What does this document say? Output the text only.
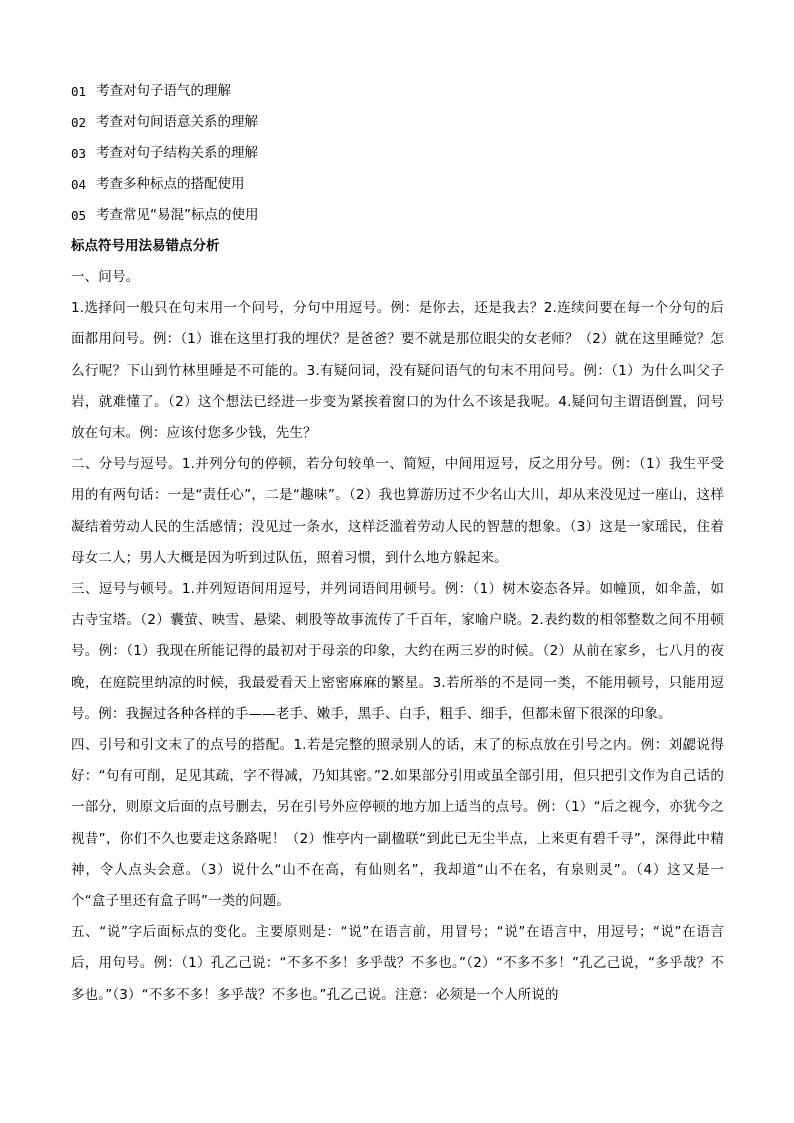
01 考查对句子语气的理解
02 考查对句间语意关系的理解
03 考查对句子结构关系的理解
04 考查多种标点的搭配使用
05 考查常见“易混”标点的使用
标点符号用法易错点分析

一、问号。

1.选择问一般只在句末用一个问号，分句中用逗号。例：是你去，还是我去？2.连续问要在每一个分句的后面都用问号。例：（1）谁在这里打我的埋伏？是爸爸？要不就是那位眼尖的女老师？（2）就在这里睡觉？怎么行呢？下山到竹林里睡是不可能的。3.有疑问词，没有疑问语气的句末不用问号。例：（1）为什么叫父子岩，就难懂了。（2）这个想法已经进一步变为紧挨着窗口的为什么不该是我呢。4.疑问句主谓语倒置，问号放在句末。例：应该付您多少钱，先生？

二、分号与逗号。1.并列分句的停顿，若分句较单一、简短，中间用逗号，反之用分号。例：（1）我生平受用的有两句话：一是“责任心”，二是“趣味”。（2）我也算游历过不少名山大川，却从来没见过一座山，这样凝结着劳动人民的生活感情；没见过一条水，这样泛滥着劳动人民的智慧的想象。（3）这是一家瑶民，住着母女二人；男人大概是因为听到过队伍，照着习惯，到什么地方躲起来。

三、逗号与顿号。1.并列短语间用逗号，并列词语间用顿号。例：（1）树木姿态各异。如幢顶，如伞盖，如古寺宝塔。（2）囊萤、映雪、悬梁、刺股等故事流传了千百年，家喻户晓。2.表约数的相邻整数之间不用顿号。例：（1）我现在所能记得的最初对于母亲的印象，大约在两三岁的时候。（2）从前在家乡，七八月的夜晚，在庭院里纳凉的时候，我最爱看天上密密麻麻的繁星。3.若所举的不是同一类，不能用顿号，只能用逗号。例：我握过各种各样的手——老手、嫩手，黑手、白手，粗手、细手，但都未留下很深的印象。

四、引号和引文末了的点号的搭配。1.若是完整的照录别人的话，末了的标点放在引号之内。例：刘勰说得好：“句有可削，足见其疏，字不得减，乃知其密。”2.如果部分引用或虽全部引用，但只把引文作为自己话的一部分，则原文后面的点号删去，另在引号外应停顿的地方加上适当的点号。例：（1）“后之视今，亦犹今之视昔”，你们不久也要走这条路呢！（2）惟亭内一副楹联“到此已无尘半点，上来更有碧千寻”，深得此中精神，令人点头会意。（3）说什么“山不在高，有仙则名”，我却道“山不在名，有泉则灵”。（4）这又是一个“盒子里还有盒子吗”一类的问题。

五、“说”字后面标点的变化。主要原则是：“说”在语言前，用冒号；“说”在语言中，用逗号；“说”在语言后，用句号。例：（1）孔乙己说：“不多不多！多乎哉？不多也。”（2）“不多不多！”孔乙己说，“多乎哉？不多也。”（3）“不多不多！多乎哉？不多也。”孔乙己说。注意：必须是一个人所说的
